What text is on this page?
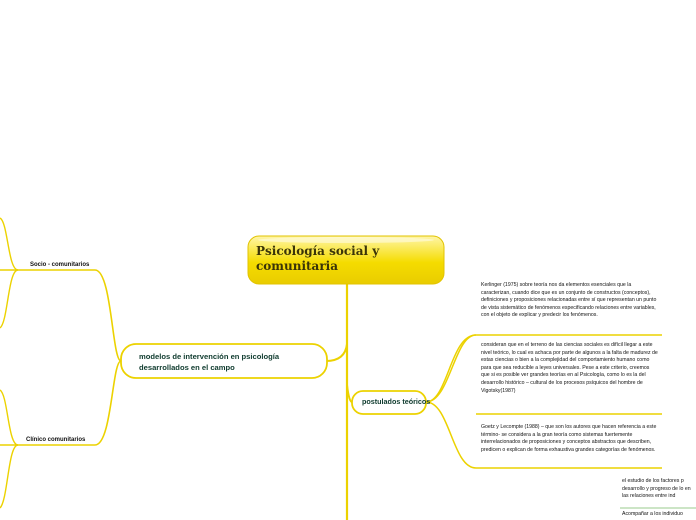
Psicología social y comunitaria
modelos de intervención en psicología desarrollados en el campo
Socio - comunitarios
Clínico comunitarios
postulados teóricos
Kerlinger (1975) sobre teoría nos da elementos esenciales que la caracterizan, cuando dice que es un conjunto de constructos (conceptos), definiciones y proposiciones relacionadas entre sí que representan un punto de vista sistemático de fenómenos especificando relaciones entre variables, con el objeto de explicar y predecir los fenómenos.
consideran que en el terreno de las ciencias sociales es difícil llegar a este nivel teórico, lo cual es achaca por parte de algunos a la falta de madurez de estas ciencias o bien a la complejidad del comportamiento humano como para que sea reducible a leyes universales. Pese a este criterio, creemos que si es posible ver grandes teorías en al Psicología, como lo es la del desarrollo histórico – cultural de los procesos psíquicos del hombre de Vigotsky(1987)
Goetz y Lecompte (1988) – que son los autores que hacen referencia a este término- se considera a la gran teoría como sistemas fuertemente interrelacionados de proposiciones y conceptos abstractos que describen, predicen o explican de forma exhaustiva grandes categorías de fenómenos.
el estudio de los factores p desarrollo y progreso de lo en las relaciones entre ind
Acompañar a los individuo
